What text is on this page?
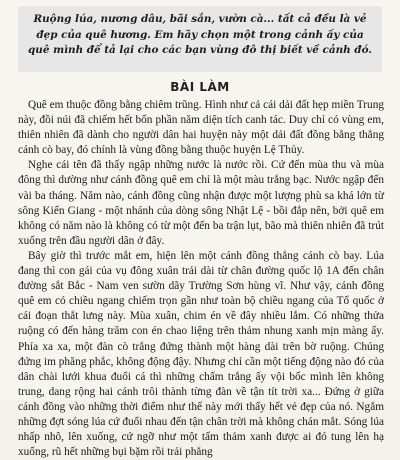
Ruộng lúa, nương dâu, bãi sắn, vườn cà... tất cả đều là vẻ đẹp của quê hương. Em hãy chọn một trong cảnh ấy của quê mình để tả lại cho các bạn vùng đô thị biết về cảnh đó.
BÀI LÀM

Quê em thuộc đồng bằng chiêm trũng. Hình như cả cái dải đất hẹp miền Trung này, đồi núi đã chiếm hết bốn phần năm diện tích canh tác. Duy chỉ có vùng em, thiên nhiên đã dành cho người dân hai huyện này một dải đất đồng bằng thẳng cánh cò bay, đó chính là vùng đồng bằng thuộc huyện Lệ Thủy.

Nghe cái tên đã thấy ngập những nước là nước rồi. Cứ đến mùa thu và mùa đông thì dường như cánh đồng quê em chỉ là một màu trắng bạc. Nước ngập đến vài ba tháng. Năm nào, cánh đồng cũng nhận được một lượng phù sa khá lớn từ sông Kiến Giang - một nhánh của dòng sông Nhật Lệ - bồi đắp nên, bởi quê em không có năm nào là không có từ một đến ba trận lụt, bão mà thiên nhiên đã trút xuống trên đầu người dân ở đây.

Bây giờ thì trước mắt em, hiện lên một cánh đồng thẳng cánh cò bay. Lúa đang thì con gái của vụ đông xuân trải dài từ chân đường quốc lộ 1A đến chân đường sắt Bắc - Nam ven sườn dãy Trường Sơn hùng vĩ. Như vậy, cánh đồng quê em có chiều ngang chiếm trọn gần như toàn bộ chiều ngang của Tổ quốc ở cái đoạn thắt lưng này. Mùa xuân, chim én về đây nhiều lắm. Có những thửa ruộng có đến hàng trăm con én chao liệng trên thảm nhung xanh mịn màng ấy. Phía xa xa, một đàn cò trắng đứng thành một hàng dài trên bờ ruộng. Chúng đứng im phăng phắc, không động đậy. Nhưng chỉ cần một tiếng động nào đó của dân chài lưới khua đuổi cá thì những chấm trắng ấy vội bốc mình lên không trung, dang rộng hai cánh trôi thành từng đàn về tận tít trời xa... Đứng ở giữa cánh đồng vào những thời điểm như thế này mới thấy hết vẻ đẹp của nó. Ngắm những đợt sóng lúa cứ đuổi nhau đến tận chân trời mà không chán mắt. Sóng lúa nhấp nhô, lên xuống, cứ ngỡ như một tấm thảm xanh được ai đó tung lên hạ xuống, rũ hết những bụi bặm rồi trải phẳng
